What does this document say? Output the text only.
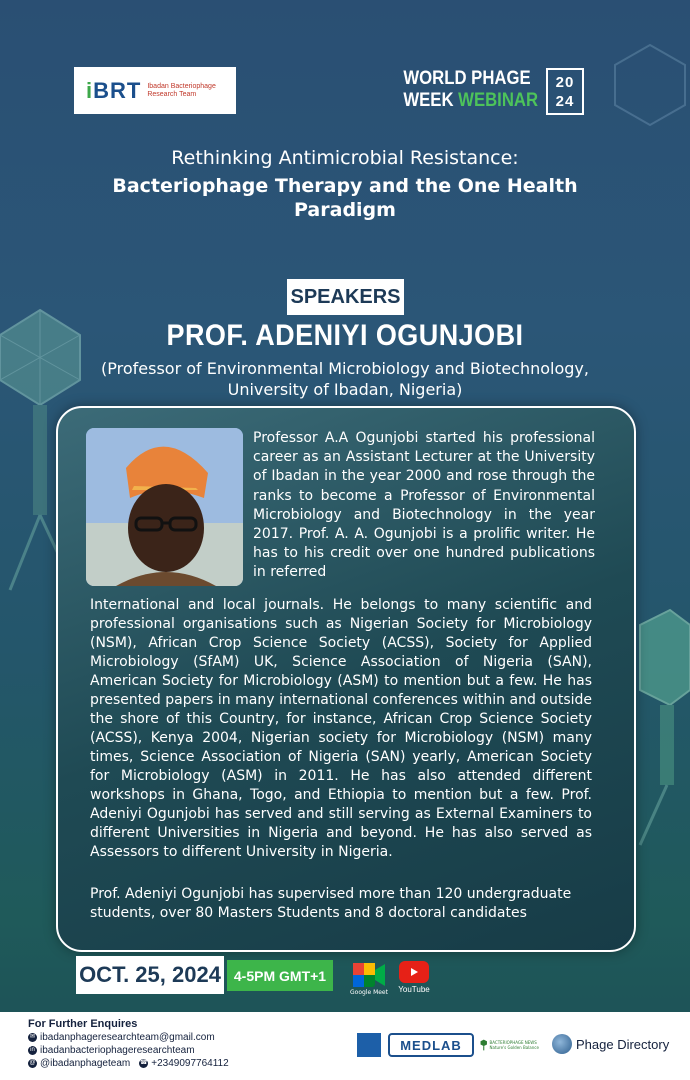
iBRT Ibadan Bacteriophage Research Team
WORLD PHAGE
WEEK WEBINAR
20
24
Rethinking Antimicrobial Resistance:
Bacteriophage Therapy and the One Health Paradigm
SPEAKERS
PROF. ADENIYI OGUNJOBI
(Professor of Environmental Microbiology and Biotechnology,
University of Ibadan, Nigeria)
Professor A.A Ogunjobi started his professional career as an Assistant Lecturer at the University of Ibadan in the year 2000 and rose through the ranks to become a Professor of Environmental Microbiology and Biotechnology in the year 2017. Prof. A. A. Ogunjobi is a prolific writer. He has to his credit over one hundred publications in referred
International and local journals. He belongs to many scientific and professional organisations such as Nigerian Society for Microbiology (NSM), African Crop Science Society (ACSS), Society for Applied Microbiology (SfAM) UK, Science Association of Nigeria (SAN), American Society for Microbiology (ASM) to mention but a few. He has presented papers in many international conferences within and outside the shore of this Country, for instance, African Crop Science Society (ACSS), Kenya 2004, Nigerian society for Microbiology (NSM) many times, Science Association of Nigeria (SAN) yearly, American Society for Microbiology (ASM) in 2011. He has also attended different workshops in Ghana, Togo, and Ethiopia to mention but a few. Prof. Adeniyi Ogunjobi has served and still serving as External Examiners to different Universities in Nigeria and beyond. He has also served as Assessors to different University in Nigeria.
Prof. Adeniyi Ogunjobi has supervised more than 120 undergraduate students, over 80 Masters Students and 8 doctoral candidates
OCT. 25, 2024 4-5PM GMT+1
Google Meet	YouTube
For Further Enquires
✉ ibadanphageresearchteam@gmail.com
in ibadanbacteriophageresearchteam
@ @ibadanphageteam ☎ +2349097764112
MEDLAB	BACTERIOPHAGE NEWS Nature's Golden Balance	Phage Directory
